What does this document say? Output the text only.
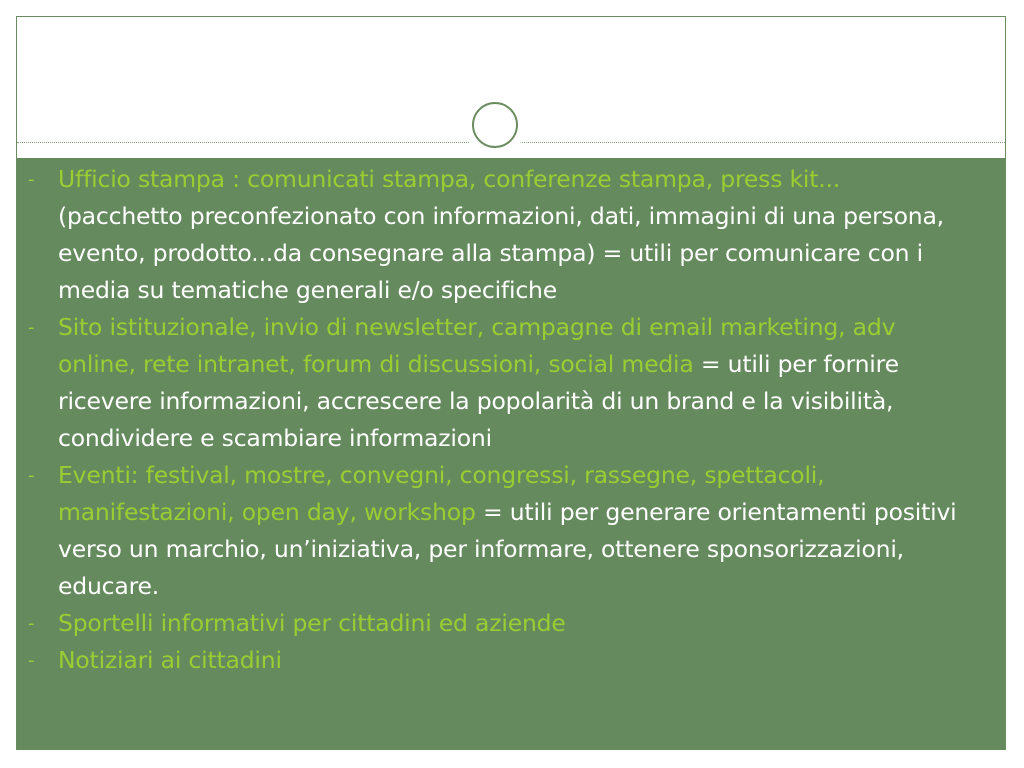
- Ufficio stampa : comunicati stampa, conferenze stampa, press kit... (pacchetto preconfezionato con informazioni, dati, immagini di una persona, evento, prodotto...da consegnare alla stampa) = utili per comunicare con i media su tematiche generali e/o specifiche
- Sito istituzionale, invio di newsletter, campagne di email marketing, adv online, rete intranet, forum di discussioni, social media = utili per fornire ricevere informazioni, accrescere la popolarità di un brand e la visibilità, condividere e scambiare informazioni
- Eventi: festival, mostre, convegni, congressi, rassegne, spettacoli, manifestazioni, open day, workshop = utili per generare orientamenti positivi verso un marchio, un’iniziativa, per informare, ottenere sponsorizzazioni, educare.
- Sportelli informativi per cittadini ed aziende
- Notiziari ai cittadini
